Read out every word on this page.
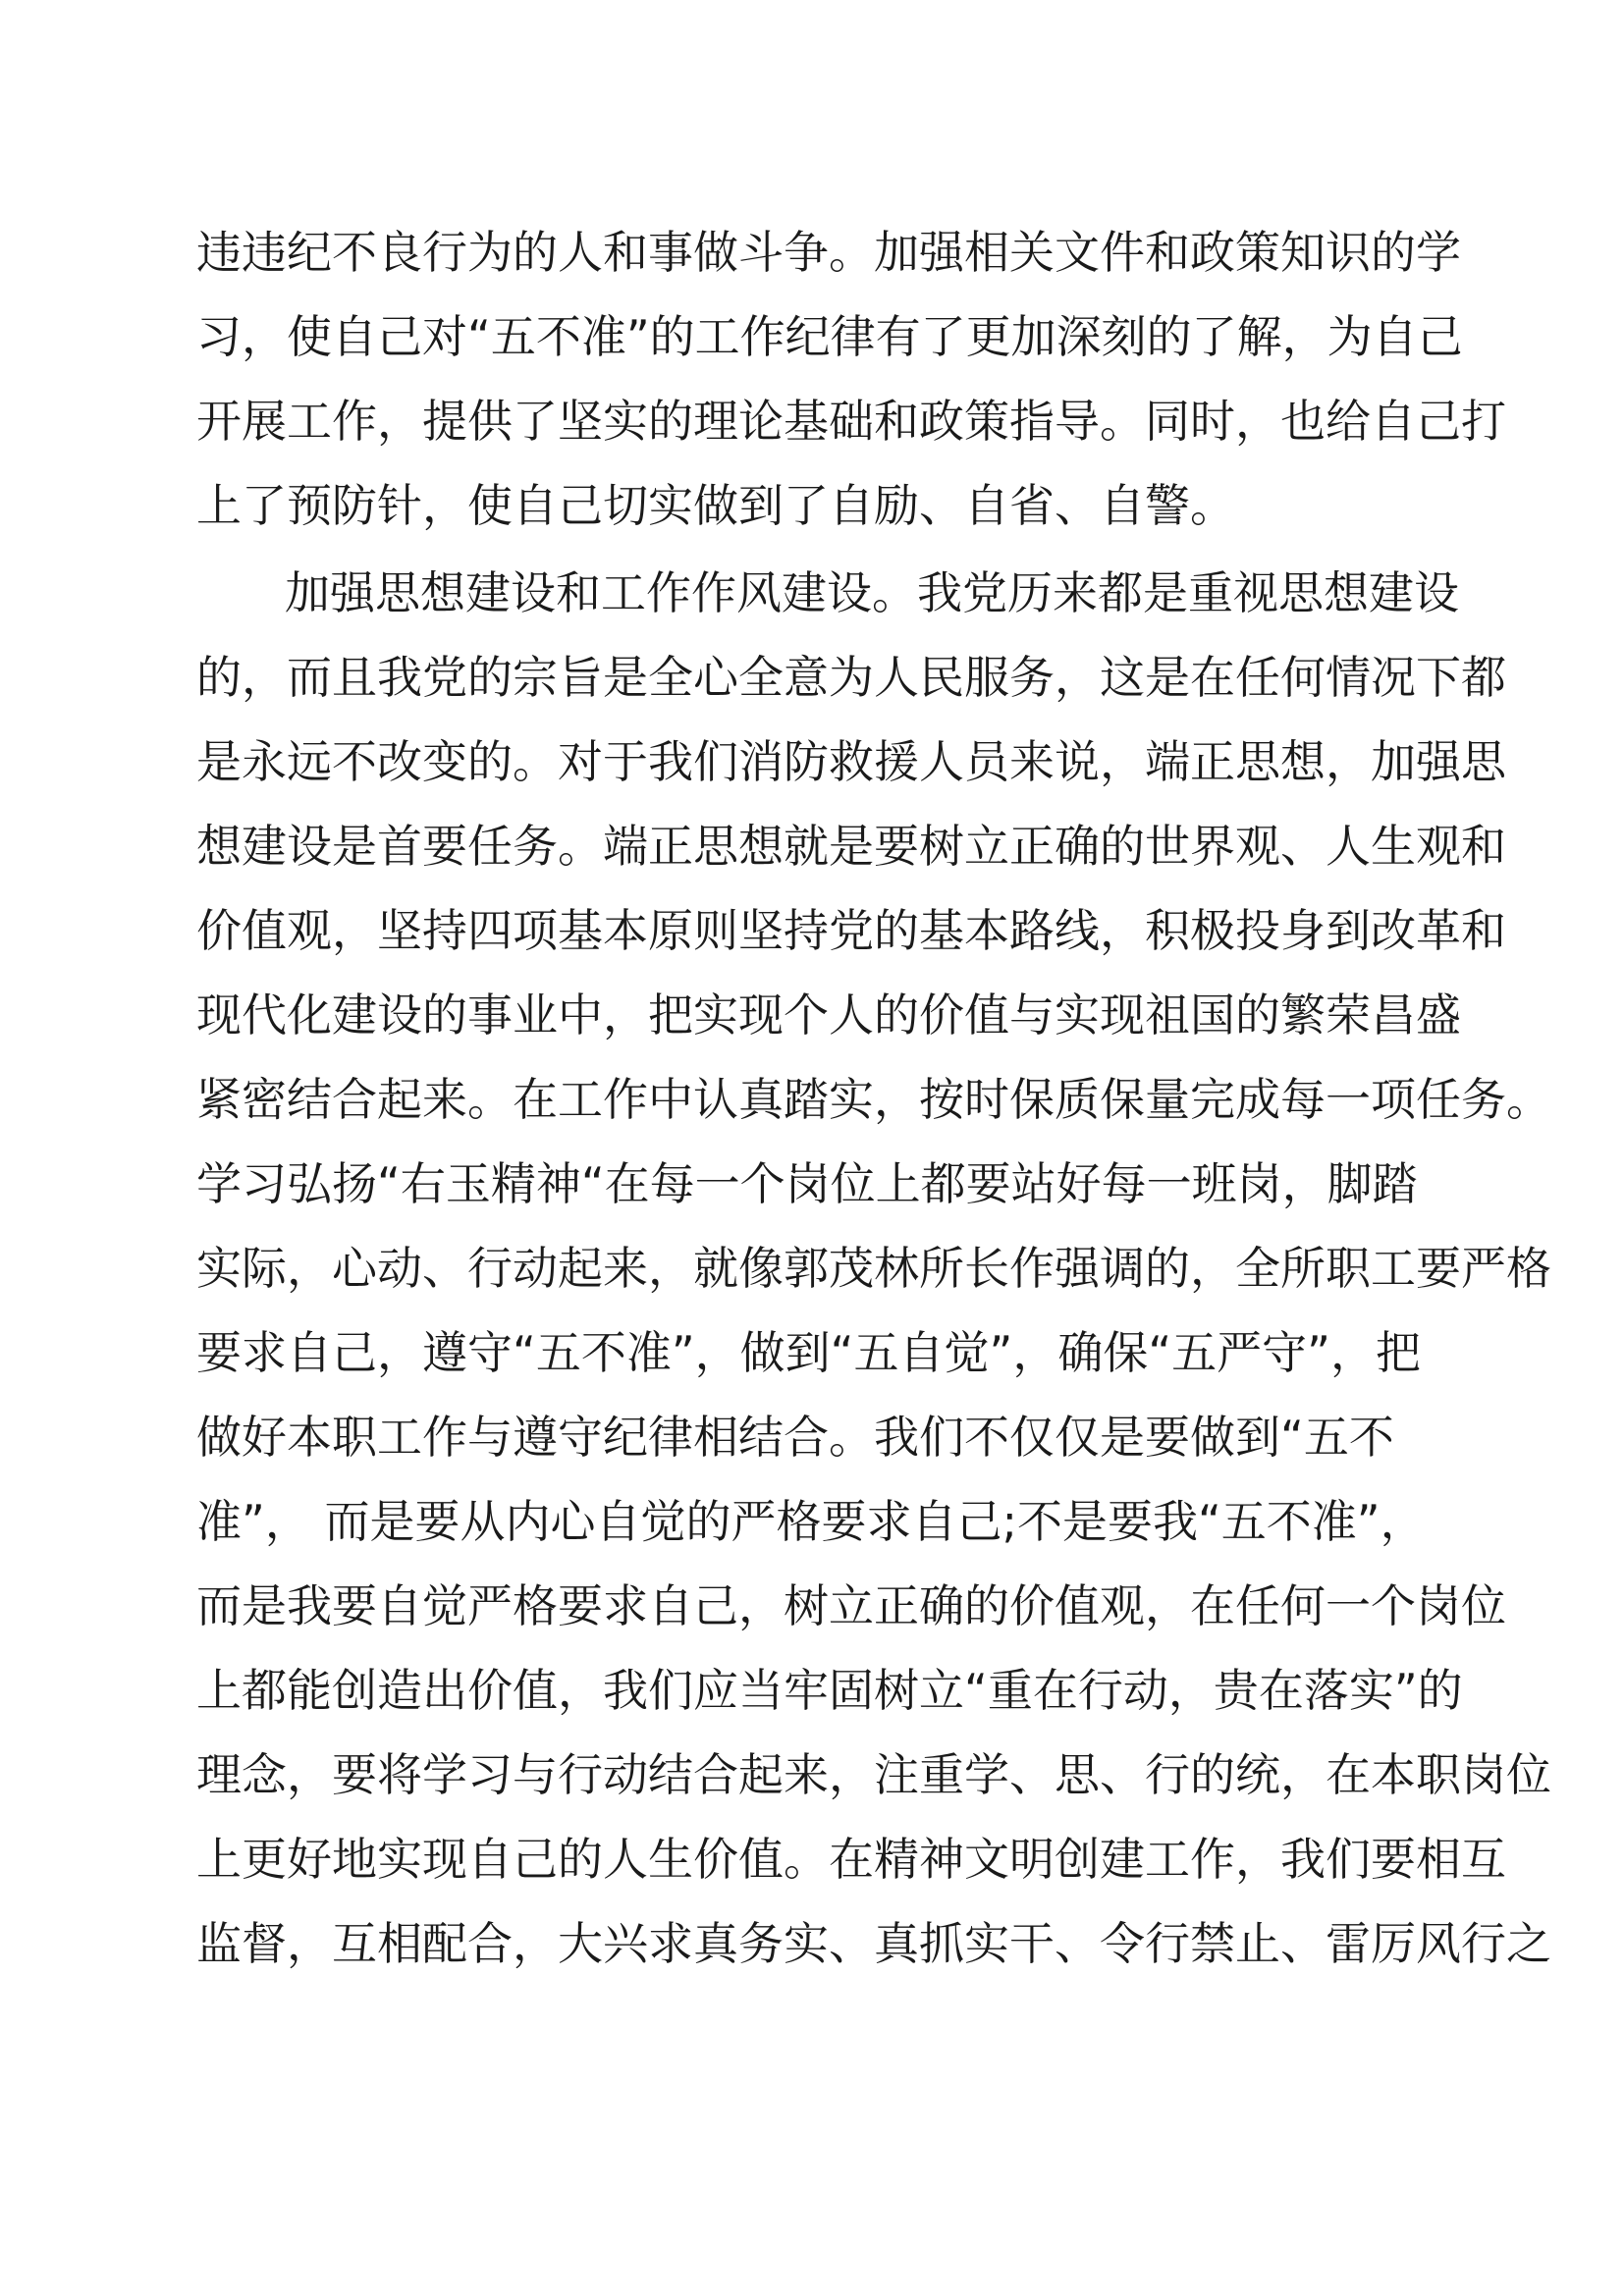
违违纪不良行为的人和事做斗争。加强相关文件和政策知识的学
习，使自己对“五不准”的工作纪律有了更加深刻的了解，为自己
开展工作，提供了坚实的理论基础和政策指导。同时，也给自己打
上了预防针，使自己切实做到了自励、自省、自警。
加强思想建设和工作作风建设。我党历来都是重视思想建设
的，而且我党的宗旨是全心全意为人民服务，这是在任何情况下都
是永远不改变的。对于我们消防救援人员来说，端正思想，加强思
想建设是首要任务。端正思想就是要树立正确的世界观、人生观和
价值观，坚持四项基本原则坚持党的基本路线，积极投身到改革和
现代化建设的事业中，把实现个人的价值与实现祖国的繁荣昌盛
紧密结合起来。在工作中认真踏实，按时保质保量完成每一项任务。
学习弘扬“右玉精神“在每一个岗位上都要站好每一班岗，脚踏
实际，心动、行动起来，就像郭茂林所长作强调的，全所职工要严格
要求自己，遵守“五不准”，做到“五自觉”，确保“五严守”，把
做好本职工作与遵守纪律相结合。我们不仅仅是要做到“五不
准”， 而是要从内心自觉的严格要求自己;不是要我“五不准”，
而是我要自觉严格要求自己，树立正确的价值观，在任何一个岗位
上都能创造出价值，我们应当牢固树立“重在行动，贵在落实”的
理念，要将学习与行动结合起来，注重学、思、行的统，在本职岗位
上更好地实现自己的人生价值。在精神文明创建工作，我们要相互
监督，互相配合，大兴求真务实、真抓实干、令行禁止、雷厉风行之
